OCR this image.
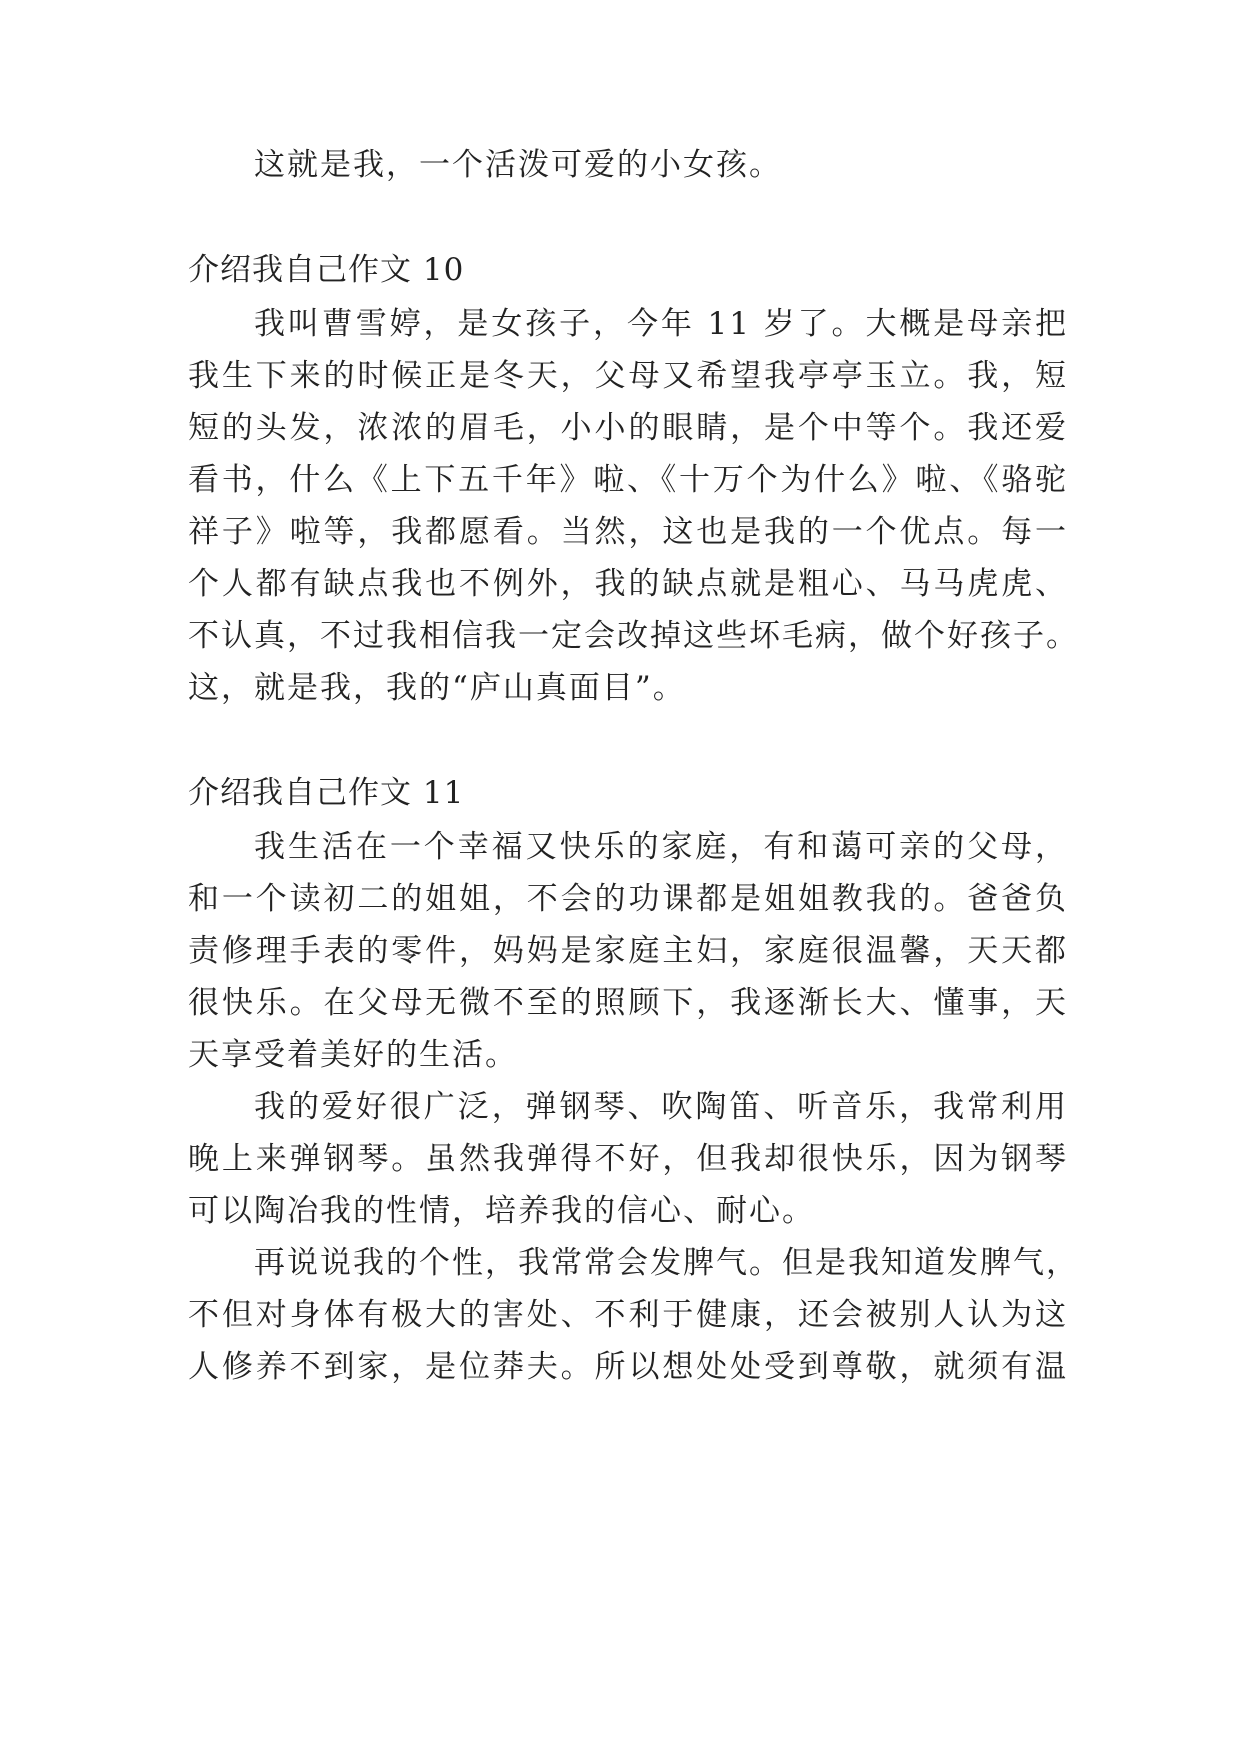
这就是我，一个活泼可爱的小女孩。
介绍我自己作文 10
我叫曹雪婷，是女孩子，今年 11 岁了。大概是母亲把
我生下来的时候正是冬天，父母又希望我亭亭玉立。我，短
短的头发，浓浓的眉毛，小小的眼睛，是个中等个。我还爱
看书，什么《上下五千年》啦、《十万个为什么》啦、《骆驼
祥子》啦等，我都愿看。当然，这也是我的一个优点。每一
个人都有缺点我也不例外，我的缺点就是粗心、马马虎虎、
不认真，不过我相信我一定会改掉这些坏毛病，做个好孩子。
这，就是我，我的“庐山真面目”。
介绍我自己作文 11
我生活在一个幸福又快乐的家庭，有和蔼可亲的父母，
和一个读初二的姐姐，不会的功课都是姐姐教我的。爸爸负
责修理手表的零件，妈妈是家庭主妇，家庭很温馨，天天都
很快乐。在父母无微不至的照顾下，我逐渐长大、懂事，天
天享受着美好的生活。
我的爱好很广泛，弹钢琴、吹陶笛、听音乐，我常利用
晚上来弹钢琴。虽然我弹得不好，但我却很快乐，因为钢琴
可以陶冶我的性情，培养我的信心、耐心。
再说说我的个性，我常常会发脾气。但是我知道发脾气，
不但对身体有极大的害处、不利于健康，还会被别人认为这
人修养不到家，是位莽夫。所以想处处受到尊敬，就须有温
